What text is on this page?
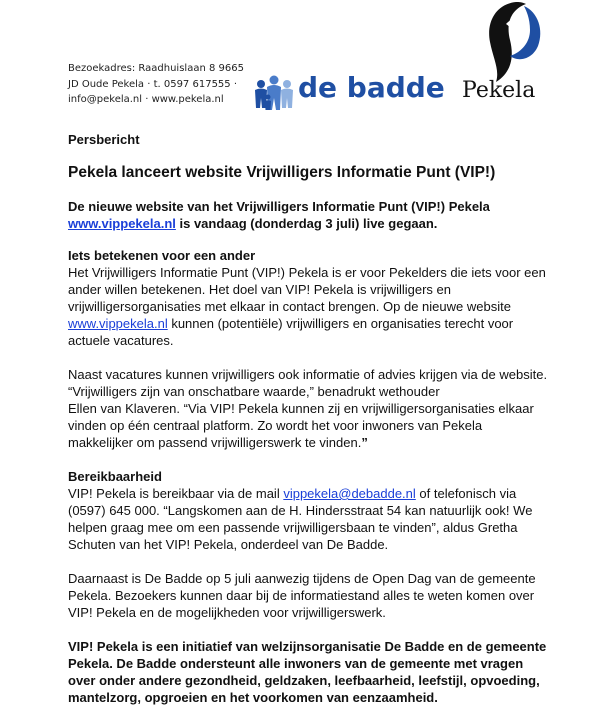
Bezoekadres: Raadhuislaan 8 9665
JD Oude Pekela · t. 0597 617555 ·
info@pekela.nl · www.pekela.nl	de badde Pekela
Persbericht
Pekela lanceert website Vrijwilligers Informatie Punt (VIP!)
De nieuwe website van het Vrijwilligers Informatie Punt (VIP!) Pekela
www.vippekela.nl is vandaag (donderdag 3 juli) live gegaan.
Iets betekenen voor een ander

Het Vrijwilligers Informatie Punt (VIP!) Pekela is er voor Pekelders die iets voor een ander willen betekenen. Het doel van VIP! Pekela is vrijwilligers en vrijwilligersorganisaties met elkaar in contact brengen. Op de nieuwe website www.vippekela.nl kunnen (potentiële) vrijwilligers en organisaties terecht voor actuele vacatures.

Naast vacatures kunnen vrijwilligers ook informatie of advies krijgen via de website.
“Vrijwilligers zijn van onschatbare waarde,” benadrukt wethouder
Ellen van Klaveren. “Via VIP! Pekela kunnen zij en vrijwilligersorganisaties elkaar vinden op één centraal platform. Zo wordt het voor inwoners van Pekela makkelijker om passend vrijwilligerswerk te vinden.”

Bereikbaarheid

VIP! Pekela is bereikbaar via de mail vippekela@debadde.nl of telefonisch via (0597) 645 000. “Langskomen aan de H. Hindersstraat 54 kan natuurlijk ook! We helpen graag mee om een passende vrijwilligersbaan te vinden”, aldus Gretha Schuten van het VIP! Pekela, onderdeel van De Badde.

Daarnaast is De Badde op 5 juli aanwezig tijdens de Open Dag van de gemeente Pekela. Bezoekers kunnen daar bij de informatiestand alles te weten komen over VIP! Pekela en de mogelijkheden voor vrijwilligerswerk.

VIP! Pekela is een initiatief van welzijnsorganisatie De Badde en de gemeente Pekela. De Badde ondersteunt alle inwoners van de gemeente met vragen over onder andere gezondheid, geldzaken, leefbaarheid, leefstijl, opvoeding, mantelzorg, opgroeien en het voorkomen van eenzaamheid.
